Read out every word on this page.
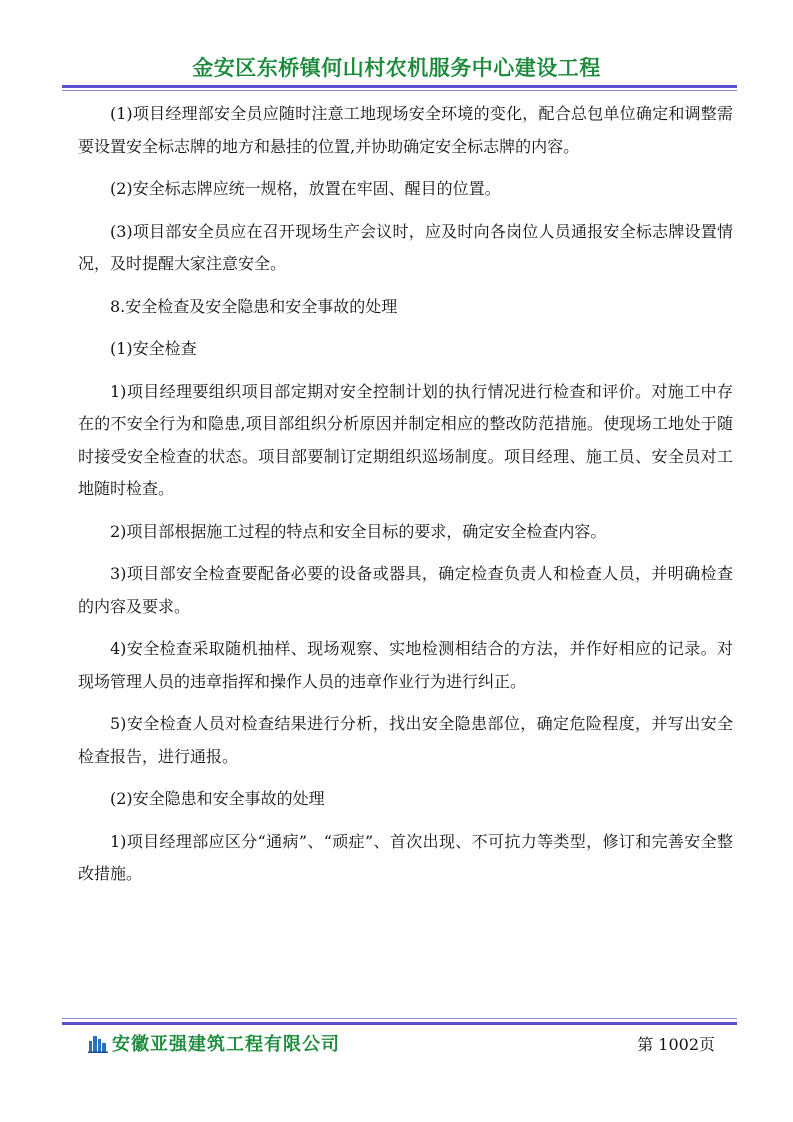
金安区东桥镇何山村农机服务中心建设工程

(1)项目经理部安全员应随时注意工地现场安全环境的变化，配合总包单位确定和调整需要设置安全标志牌的地方和悬挂的位置,并协助确定安全标志牌的内容。

(2)安全标志牌应统一规格，放置在牢固、醒目的位置。

(3)项目部安全员应在召开现场生产会议时，应及时向各岗位人员通报安全标志牌设置情况，及时提醒大家注意安全。

8.安全检查及安全隐患和安全事故的处理

(1)安全检查

1)项目经理要组织项目部定期对安全控制计划的执行情况进行检查和评价。对施工中存在的不安全行为和隐患,项目部组织分析原因并制定相应的整改防范措施。使现场工地处于随时接受安全检查的状态。项目部要制订定期组织巡场制度。项目经理、施工员、安全员对工地随时检查。

2)项目部根据施工过程的特点和安全目标的要求，确定安全检查内容。

3)项目部安全检查要配备必要的设备或器具，确定检查负责人和检查人员，并明确检查的内容及要求。

4)安全检查采取随机抽样、现场观察、实地检测相结合的方法，并作好相应的记录。对现场管理人员的违章指挥和操作人员的违章作业行为进行纠正。

5)安全检查人员对检查结果进行分析，找出安全隐患部位，确定危险程度，并写出安全检查报告，进行通报。

(2)安全隐患和安全事故的处理

1)项目经理部应区分“通病”、“顽症”、首次出现、不可抗力等类型，修订和完善安全整改措施。

安徽亚强建筑工程有限公司	第 1002页
